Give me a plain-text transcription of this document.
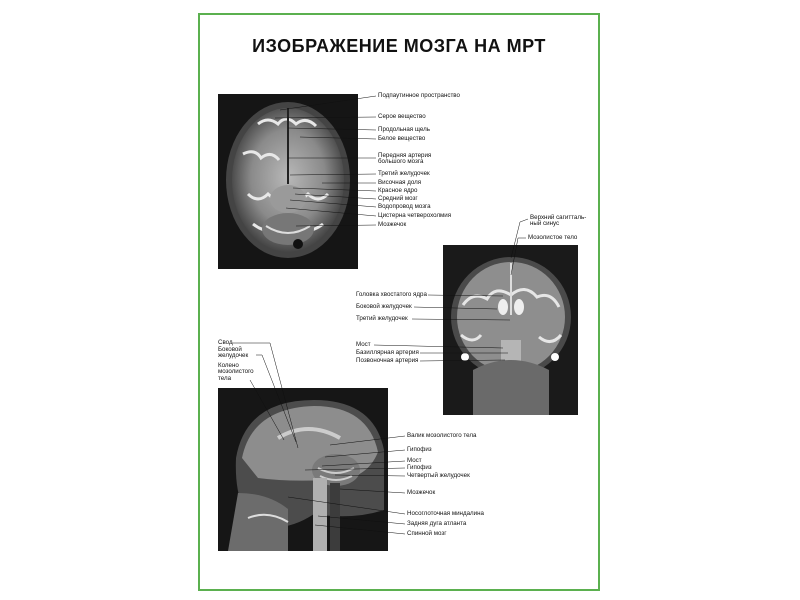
ИЗОБРАЖЕНИЕ МОЗГА НА МРТ
Подпаутинное пространство
Серое вещество
Продольная щель
Белое вещество
Передняя артерия
большого мозга
Третий желудочек
Височная доля
Красное ядро
Средний мозг
Водопровод мозга
Цистерна четверохолмия
Мозжечок
Верхний сагитталь-
ный синус
Мозолистое тело
Головка хвостатого ядра
Боковой желудочек
Третий желудочек
Мост
Базиллярная артерия
Позвоночная артерия
Свод
Боковой
желудочек
Колено
мозолистого
тела
Валик мозолистого тела
Гипофиз
Мост
Гипофиз
Четвертый желудочек
Мозжечок
Носоглоточная миндалина
Задняя дуга атланта
Спинной мозг
